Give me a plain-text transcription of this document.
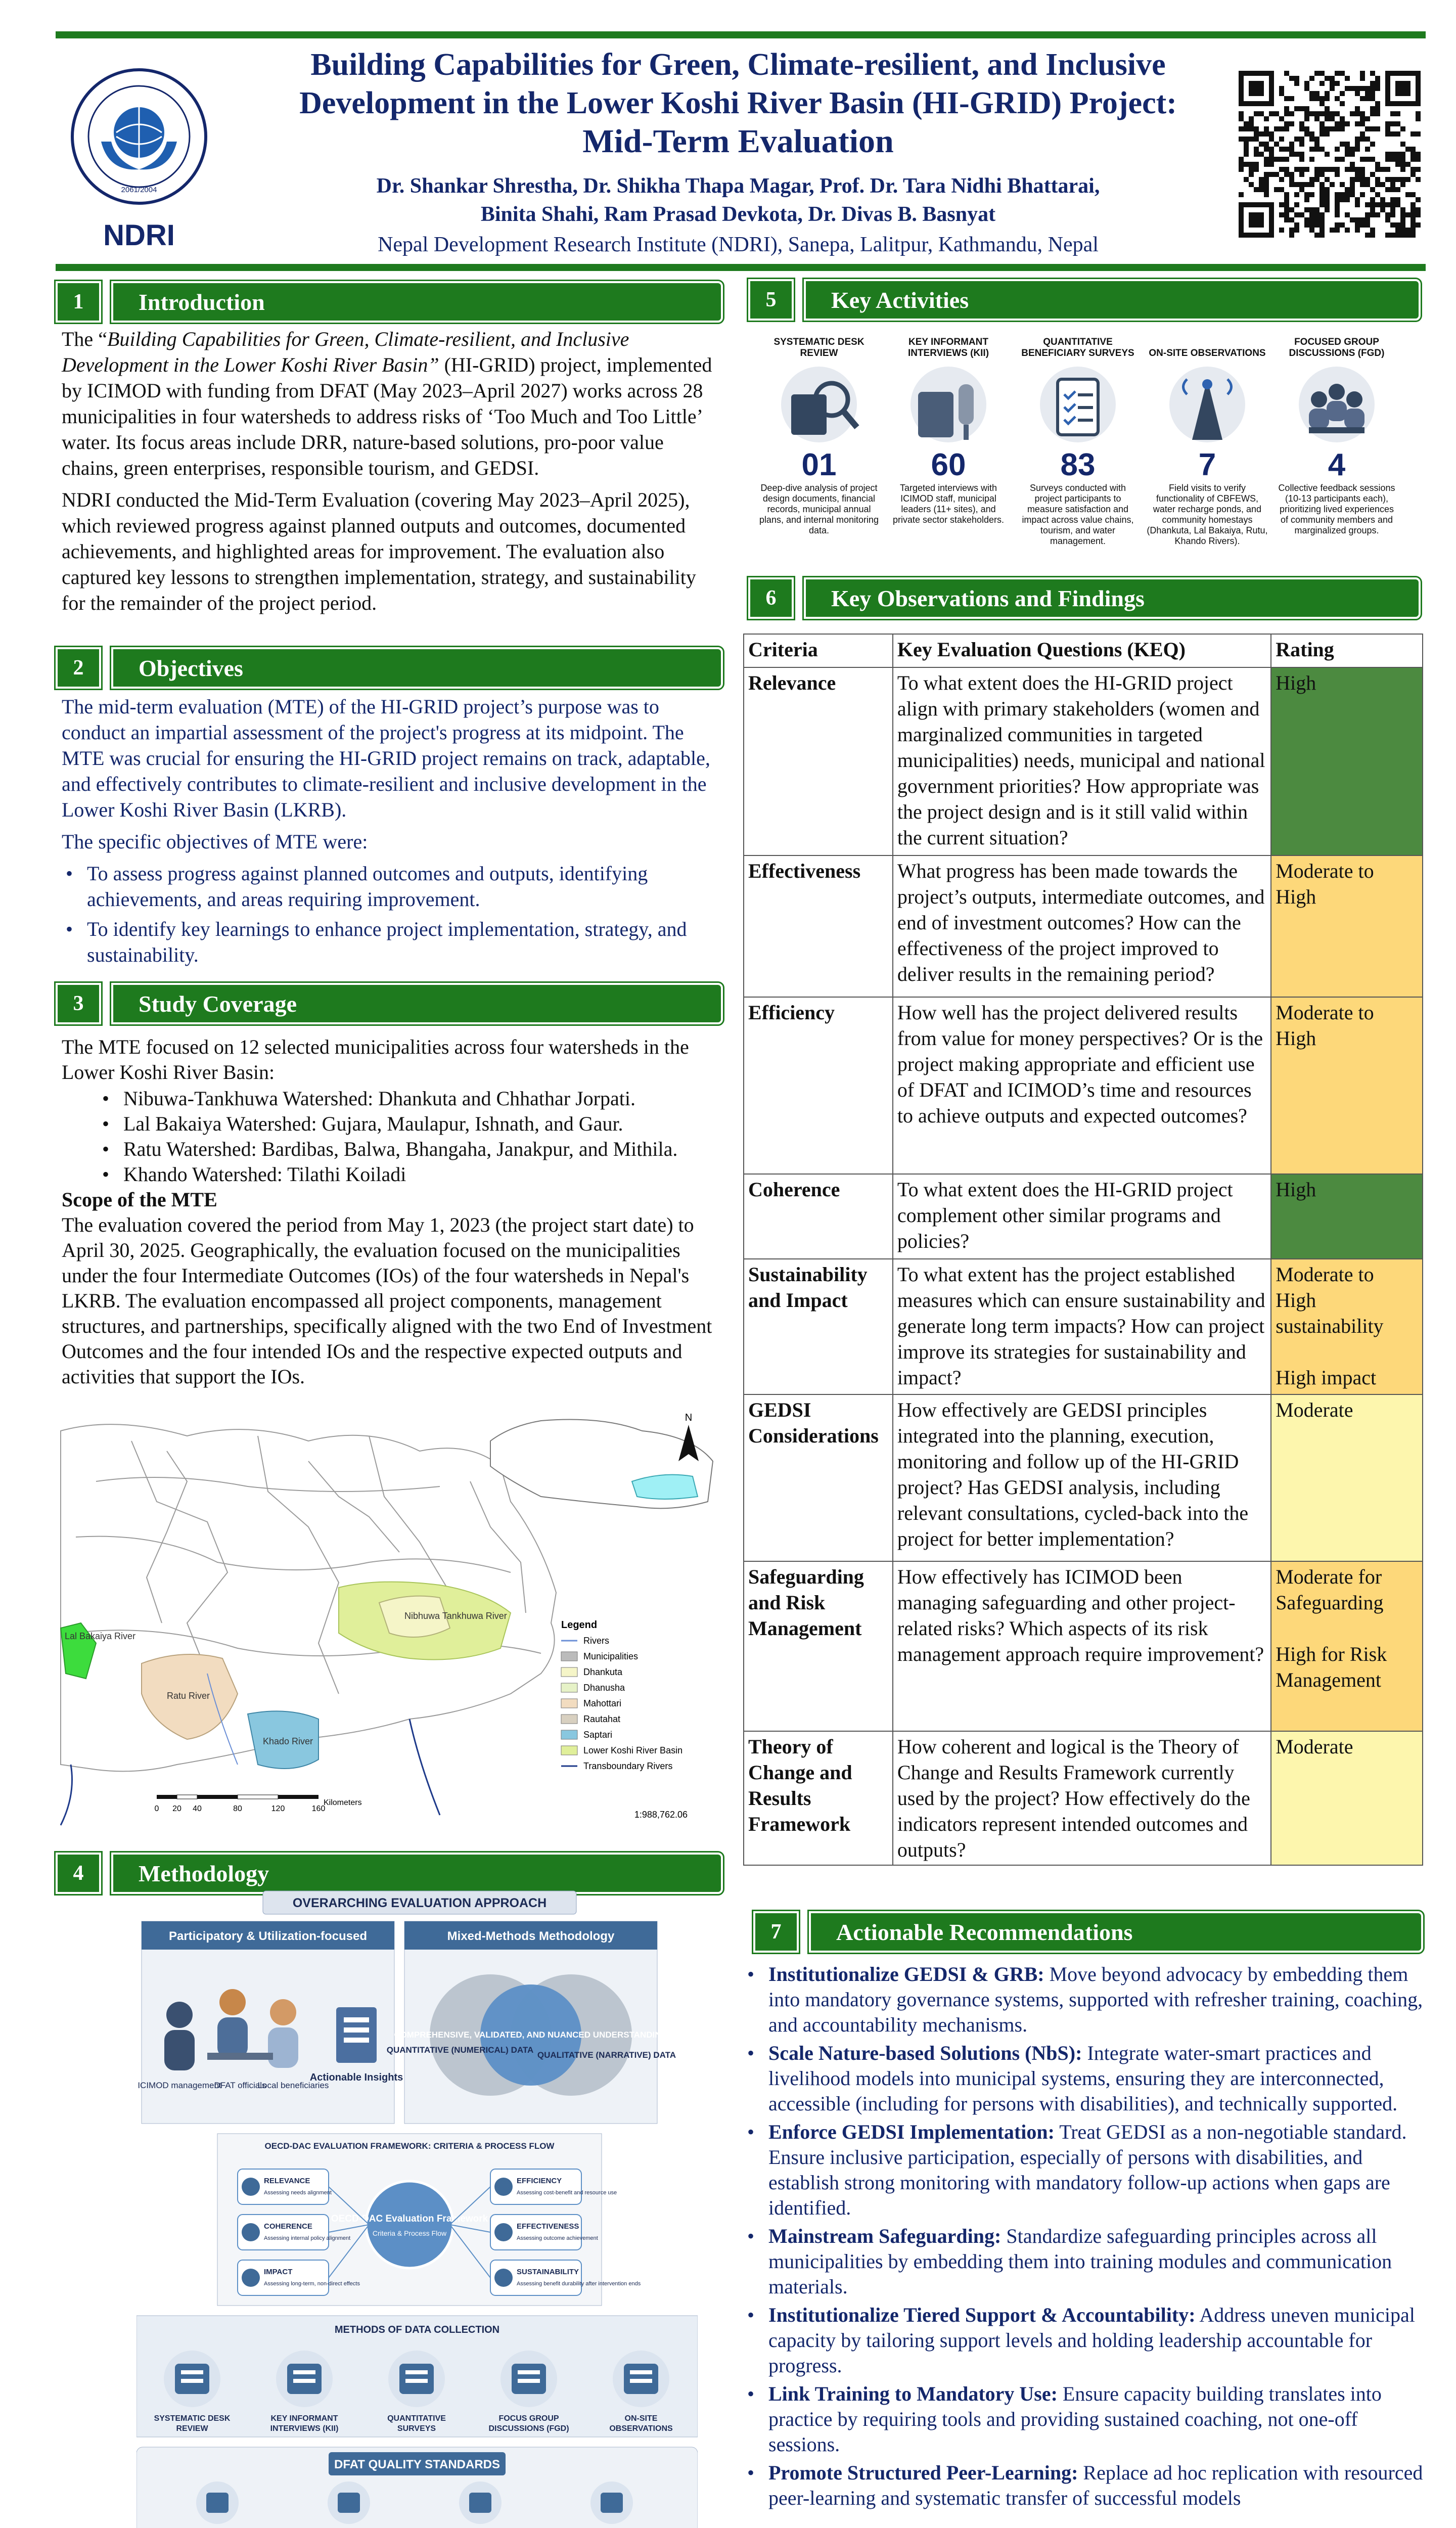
2061/2004
NDRI
Building Capabilities for Green, Climate-resilient, and Inclusive
Development in the Lower Koshi River Basin (HI-GRID) Project:
Mid-Term Evaluation
Dr. Shankar Shrestha, Dr. Shikha Thapa Magar, Prof. Dr. Tara Nidhi Bhattarai,
Binita Shahi, Ram Prasad Devkota, Dr. Divas B. Basnyat
Nepal Development Research Institute (NDRI), Sanepa, Lalitpur, Kathmandu, Nepal
1	Introduction

The “Building Capabilities for Green, Climate-resilient, and Inclusive Development in the Lower Koshi River Basin” (HI-GRID) project, implemented by ICIMOD with funding from DFAT (May 2023–April 2027) works across 28 municipalities in four watersheds to address risks of ‘Too Much and Too Little’ water. Its focus areas include DRR, nature-based solutions, pro-poor value chains, green enterprises, responsible tourism, and GEDSI.

NDRI conducted the Mid-Term Evaluation (covering May 2023–April 2025), which reviewed progress against planned outputs and outcomes, documented achievements, and highlighted areas for improvement. The evaluation also captured key lessons to strengthen implementation, strategy, and sustainability for the remainder of the project period.

2	Objectives

The mid-term evaluation (MTE) of the HI-GRID project’s purpose was to conduct an impartial assessment of the project's progress at its midpoint. The MTE was crucial for ensuring the HI-GRID project remains on track, adaptable, and effectively contributes to climate-resilient and inclusive development in the Lower Koshi River Basin (LKRB).

The specific objectives of MTE were:

• To assess progress against planned outcomes and outputs, identifying achievements, and areas requiring improvement.
• To identify key learnings to enhance project implementation, strategy, and sustainability.
3	Study Coverage

The MTE focused on 12 selected municipalities across four watersheds in the Lower Koshi River Basin:

• Nibuwa-Tankhuwa Watershed: Dhankuta and Chhathar Jorpati.
• Lal Bakaiya Watershed: Gujara, Maulapur, Ishnath, and Gaur.
• Ratu Watershed: Bardibas, Balwa, Bhangaha, Janakpur, and Mithila.
• Khando Watershed: Tilathi Koiladi

Scope of the MTE

The evaluation covered the period from May 1, 2023 (the project start date) to April 30, 2025. Geographically, the evaluation focused on the municipalities under the four Intermediate Outcomes (IOs) of the four watersheds in Nepal's LKRB. The evaluation encompassed all project components, management structures, and partnerships, specifically aligned with the two End of Investment Outcomes and the four intended IOs and the respective expected outputs and activities that support the IOs.

Lal Bakaiya River
Ratu River
Khado River
Nibhuwa Tankhuwa River
N
Legend
Rivers
Municipalities
Dhankuta
Dhanusha
Mahottari
Rautahat
Saptari
Lower Koshi River Basin
Transboundary Rivers
1:988,762.06
0 20 40	80	120	160
Kilometers
4	Methodology
OVERARCHING EVALUATION APPROACH
Participatory & Utilization-focused
ICIMOD management
DFAT officials
Local beneficiaries
Actionable Insights
Mixed-Methods Methodology
QUANTITATIVE (NUMERICAL) DATA
COMPREHENSIVE, VALIDATED, AND NUANCED UNDERSTANDING
QUALITATIVE (NARRATIVE) DATA
OECD-DAC EVALUATION FRAMEWORK: CRITERIA & PROCESS FLOW
OECD-DAC Evaluation Framework
Criteria & Process Flow
RELEVANCE
Assessing needs alignment
EFFICIENCY
Assessing cost-benefit and resource use
COHERENCE
Assessing internal policy alignment
EFFECTIVENESS
Assessing outcome achievement
IMPACT
Assessing long-term, non-direct effects
SUSTAINABILITY
Assessing benefit durability after intervention ends
METHODS OF DATA COLLECTION
SYSTEMATIC DESK
REVIEW
KEY INFORMANT
INTERVIEWS (KII)
QUANTITATIVE
SURVEYS
FOCUS GROUP
DISCUSSIONS (FGD)
ON-SITE
OBSERVATIONS
DFAT QUALITY STANDARDS
5	Key Activities
SYSTEMATIC DESK REVIEW
01
Deep-dive analysis of project design documents, financial records, municipal annual plans, and internal monitoring data.
KEY INFORMANT INTERVIEWS (KII)
60
Targeted interviews with ICIMOD staff, municipal leaders (11+ sites), and private sector stakeholders.
QUANTITATIVE BENEFICIARY SURVEYS
83
Surveys conducted with project participants to measure satisfaction and impact across value chains, tourism, and water management.
ON-SITE OBSERVATIONS
7
Field visits to verify functionality of CBFEWS, water recharge ponds, and community homestays (Dhankuta, Lal Bakaiya, Rutu, Khando Rivers).
FOCUSED GROUP DISCUSSIONS (FGD)
4
Collective feedback sessions (10-13 participants each), prioritizing lived experiences of community members and marginalized groups.
6	Key Observations and Findings
Criteria	Key Evaluation Questions (KEQ)	Rating
Relevance	To what extent does the HI-GRID project align with primary stakeholders (women and marginalized communities in targeted municipalities) needs, municipal and national government priorities? How appropriate was the project design and is it still valid within the current situation?	High

Effectiveness	What progress has been made towards the project’s outputs, intermediate outcomes, and end of investment outcomes? How can the effectiveness of the project improved to deliver results in the remaining period?	Moderate to High

Efficiency	How well has the project delivered results from value for money perspectives? Or is the project making appropriate and efficient use of DFAT and ICIMOD’s time and resources to achieve outputs and expected outcomes?	Moderate to High

Coherence	To what extent does the HI-GRID project complement other similar programs and policies?	High

Sustainability and Impact	To what extent has the project established measures which can ensure sustainability and generate long term impacts? How can project improve its strategies for sustainability and impact?	Moderate to High sustainability
High impact

GEDSI Considerations	How effectively are GEDSI principles integrated into the planning, execution, monitoring and follow up of the HI-GRID project? Has GEDSI analysis, including relevant consultations, cycled-back into the project for better implementation?	Moderate

Safeguarding and Risk Management	How effectively has ICIMOD been managing safeguarding and other project-related risks? Which aspects of its risk management approach require improvement?	Moderate for Safeguarding
High for Risk Management

Theory of Change and Results Framework	How coherent and logical is the Theory of Change and Results Framework currently used by the project? How effectively do the indicators represent intended outcomes and outputs?	Moderate
7	Actionable Recommendations
• Institutionalize GEDSI & GRB: Move beyond advocacy by embedding them into mandatory governance systems, supported with refresher training, coaching, and accountability mechanisms.
• Scale Nature-based Solutions (NbS): Integrate water-smart practices and livelihood models into municipal systems, ensuring they are interconnected, accessible (including for persons with disabilities), and technically supported.
• Enforce GEDSI Implementation: Treat GEDSI as a non-negotiable standard. Ensure inclusive participation, especially of persons with disabilities, and establish strong monitoring with mandatory follow-up actions when gaps are identified.
• Mainstream Safeguarding: Standardize safeguarding principles across all municipalities by embedding them into training modules and communication materials.
• Institutionalize Tiered Support & Accountability: Address uneven municipal capacity by tailoring support levels and holding leadership accountable for progress.
• Link Training to Mandatory Use: Ensure capacity building translates into practice by requiring tools and providing sustained coaching, not one-off sessions.
• Promote Structured Peer-Learning: Replace ad hoc replication with resourced peer-learning and systematic transfer of successful models
